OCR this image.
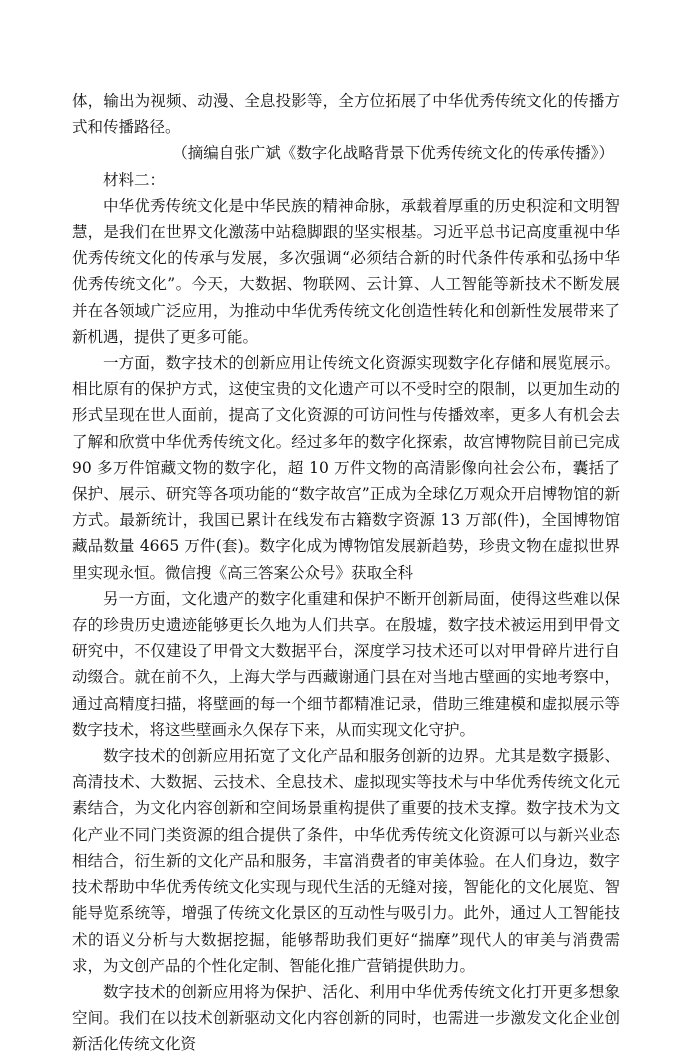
体，输出为视频、动漫、全息投影等，全方位拓展了中华优秀传统文化的传播方式和传播路径。

（摘编自张广斌《数字化战略背景下优秀传统文化的传承传播》）

材料二：

中华优秀传统文化是中华民族的精神命脉，承载着厚重的历史积淀和文明智慧，是我们在世界文化激荡中站稳脚跟的坚实根基。习近平总书记高度重视中华优秀传统文化的传承与发展，多次强调“必须结合新的时代条件传承和弘扬中华优秀传统文化”。今天，大数据、物联网、云计算、人工智能等新技术不断发展并在各领域广泛应用，为推动中华优秀传统文化创造性转化和创新性发展带来了新机遇，提供了更多可能。

一方面，数字技术的创新应用让传统文化资源实现数字化存储和展览展示。相比原有的保护方式，这使宝贵的文化遗产可以不受时空的限制，以更加生动的形式呈现在世人面前，提高了文化资源的可访问性与传播效率，更多人有机会去了解和欣赏中华优秀传统文化。经过多年的数字化探索，故宫博物院目前已完成 90 多万件馆藏文物的数字化，超 10 万件文物的高清影像向社会公布，囊括了保护、展示、研究等各项功能的“数字故宫”正成为全球亿万观众开启博物馆的新方式。最新统计，我国已累计在线发布古籍数字资源 13 万部(件)，全国博物馆藏品数量 4665 万件(套)。数字化成为博物馆发展新趋势，珍贵文物在虚拟世界里实现永恒。微信搜《高三答案公众号》获取全科

另一方面，文化遗产的数字化重建和保护不断开创新局面，使得这些难以保存的珍贵历史遗迹能够更长久地为人们共享。在殷墟，数字技术被运用到甲骨文研究中，不仅建设了甲骨文大数据平台，深度学习技术还可以对甲骨碎片进行自动缀合。就在前不久，上海大学与西藏谢通门县在对当地古壁画的实地考察中，通过高精度扫描，将壁画的每一个细节都精准记录，借助三维建模和虚拟展示等数字技术，将这些壁画永久保存下来，从而实现文化守护。

数字技术的创新应用拓宽了文化产品和服务创新的边界。尤其是数字摄影、高清技术、大数据、云技术、全息技术、虚拟现实等技术与中华优秀传统文化元素结合，为文化内容创新和空间场景重构提供了重要的技术支撑。数字技术为文化产业不同门类资源的组合提供了条件，中华优秀传统文化资源可以与新兴业态相结合，衍生新的文化产品和服务，丰富消费者的审美体验。在人们身边，数字技术帮助中华优秀传统文化实现与现代生活的无缝对接，智能化的文化展览、智能导览系统等，增强了传统文化景区的互动性与吸引力。此外，通过人工智能技术的语义分析与大数据挖掘，能够帮助我们更好“揣摩”现代人的审美与消费需求，为文创产品的个性化定制、智能化推广营销提供助力。

数字技术的创新应用将为保护、活化、利用中华优秀传统文化打开更多想象空间。我们在以技术创新驱动文化内容创新的同时，也需进一步激发文化企业创新活化传统文化资
